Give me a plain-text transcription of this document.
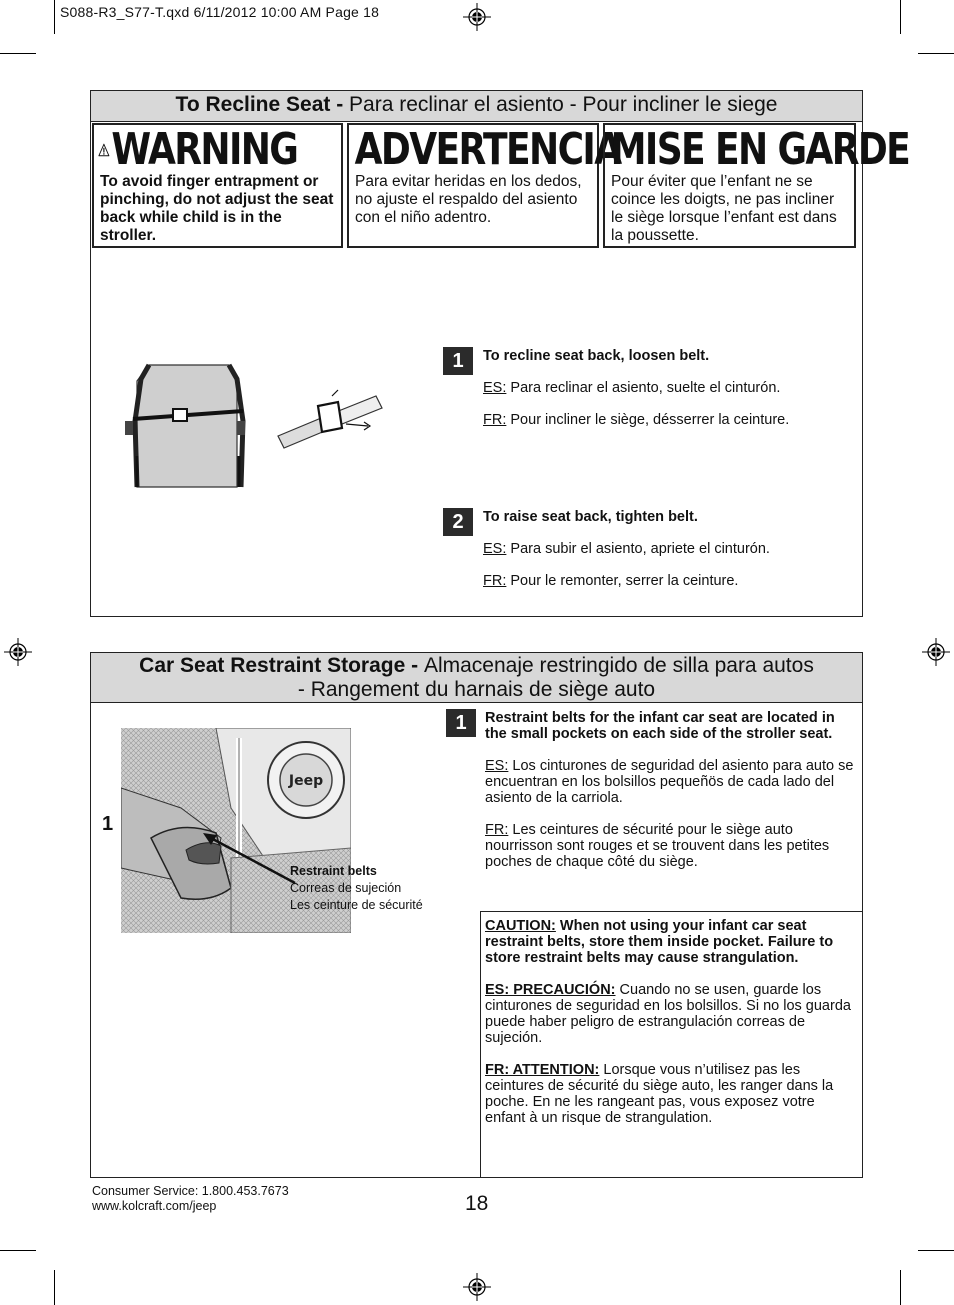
S088-R3_S77-T.qxd 6/11/2012 10:00 AM Page 18
To Recline Seat - Para reclinar el asiento - Pour incliner le siege
WARNING
To avoid finger entrapment or pinching, do not adjust the seat back while child is in the stroller.
ADVERTENCIA
Para evitar heridas en los dedos, no ajuste el respaldo del asiento con el niño adentro.
MISE EN GARDE
Pour éviter que l’enfant ne se coince les doigts, ne pas incliner le siège lorsque l’enfant est dans la poussette.
1	To recline seat back, loosen belt.

ES: Para reclinar el asiento, suelte el cinturón.

FR: Pour incliner le siège, désserrer la ceinture.

2	To raise seat back, tighten belt.

ES: Para subir el asiento, apriete el cinturón.

FR: Pour le remonter, serrer la ceinture.

Car Seat Restraint Storage - Almacenaje restringido de silla para autos
- Rangement du harnais de siège auto
1
Jeep
Restraint belts
Correas de sujeción
Les ceinture de sécurité
1	Restraint belts for the infant car seat are located in the small pockets on each side of the stroller seat.

ES: Los cinturones de seguridad del asiento para auto se encuentran en los bolsillos pequeñös de cada lado del asiento de la carriola.

FR: Les ceintures de sécurité pour le siège auto nourrisson sont rouges et se trouvent dans les petites poches de chaque côté du siège.

CAUTION: When not using your infant car seat restraint belts, store them inside pocket. Failure to store restraint belts may cause strangulation.

ES: PRECAUCIÓN: Cuando no se usen, guarde los cinturones de seguridad en los bolsillos. Si no los guarda puede haber peligro de estrangulación correas de sujeción.

FR: ATTENTION: Lorsque vous n’utilisez pas les ceintures de sécurité du siège auto, les ranger dans la poche. En ne les rangeant pas, vous exposez votre enfant à un risque de strangulation.

Consumer Service: 1.800.453.7673
www.kolcraft.com/jeep	18
